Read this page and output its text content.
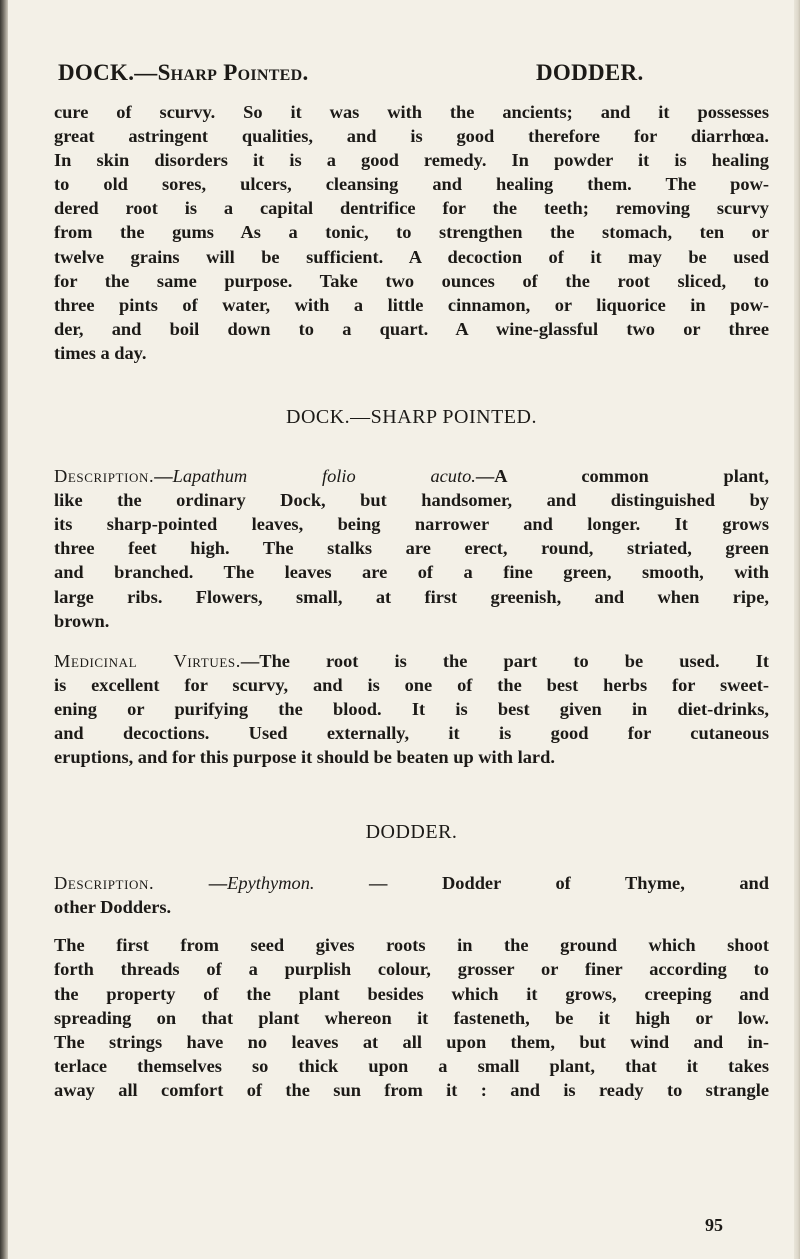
DOCK.—Sharp Pointed.	DODDER.

cure of scurvy. So it was with the ancients; and it possesses
great astringent qualities, and is good therefore for diarrhœa.
In skin disorders it is a good remedy. In powder it is healing
to old sores, ulcers, cleansing and healing them. The pow-
dered root is a capital dentrifice for the teeth; removing scurvy
from the gums As a tonic, to strengthen the stomach, ten or
twelve grains will be sufficient. A decoction of it may be used
for the same purpose. Take two ounces of the root sliced, to
three pints of water, with a little cinnamon, or liquorice in pow-
der, and boil down to a quart. A wine-glassful two or three
times a day.

DOCK.—SHARP POINTED.

Description.—Lapathum folio acuto.—A common plant,
like the ordinary Dock, but handsomer, and distinguished by
its sharp-pointed leaves, being narrower and longer. It grows
three feet high. The stalks are erect, round, striated, green
and branched. The leaves are of a fine green, smooth, with
large ribs. Flowers, small, at first greenish, and when ripe,
brown.

Medicinal Virtues.—The root is the part to be used. It
is excellent for scurvy, and is one of the best herbs for sweet-
ening or purifying the blood. It is best given in diet-drinks,
and decoctions. Used externally, it is good for cutaneous
eruptions, and for this purpose it should be beaten up with lard.

DODDER.

Description. —Epythymon. — Dodder of Thyme, and
other Dodders.

The first from seed gives roots in the ground which shoot
forth threads of a purplish colour, grosser or finer according to
the property of the plant besides which it grows, creeping and
spreading on that plant whereon it fasteneth, be it high or low.
The strings have no leaves at all upon them, but wind and in-
terlace themselves so thick upon a small plant, that it takes
away all comfort of the sun from it : and is ready to strangle

95
